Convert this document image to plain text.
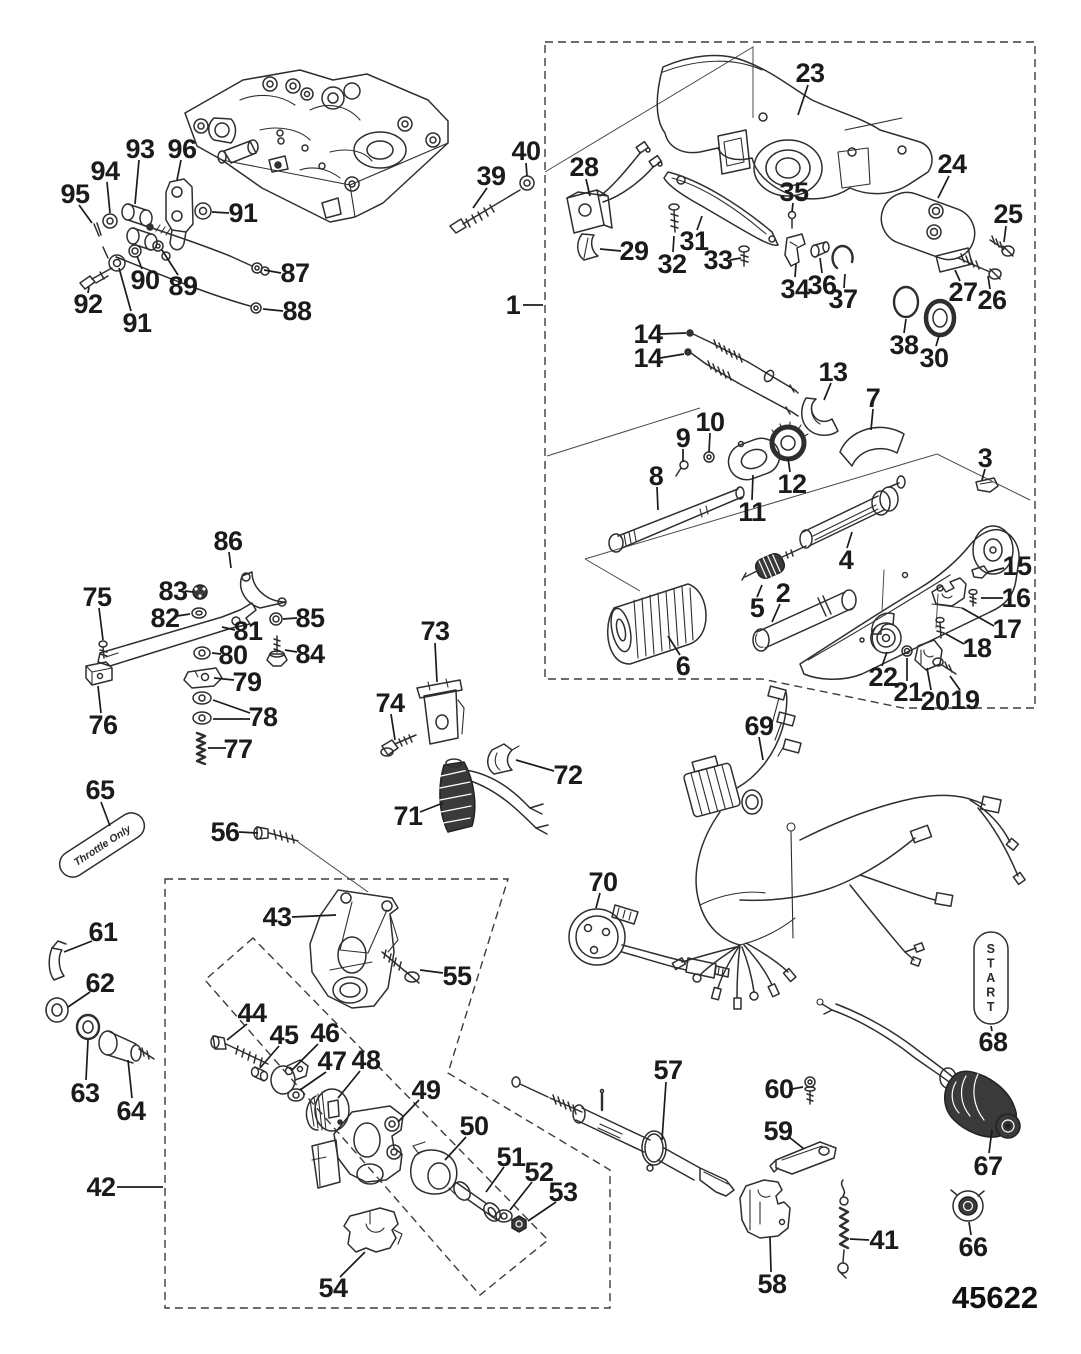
Throttle Only
S T A R T
1
2
3
4
5
6
7
8
9
10
11
12
13
14
14
15
16
17
18
19
20
21
22
23
24
25
26
27
28
29
30
31
32 33
34
35
36
37
38
39
40
41
42
43
44
45 46
47 48
49
50
51
52
53
54
55
56
57
58
59
60
61
62
63
64
65
66
67
68
69
70
71
72
73
74
75
76
77
78
79
80
81
82
83
84
85
86
87
88
89
90
91
91
92
93
94
95
96
45622
